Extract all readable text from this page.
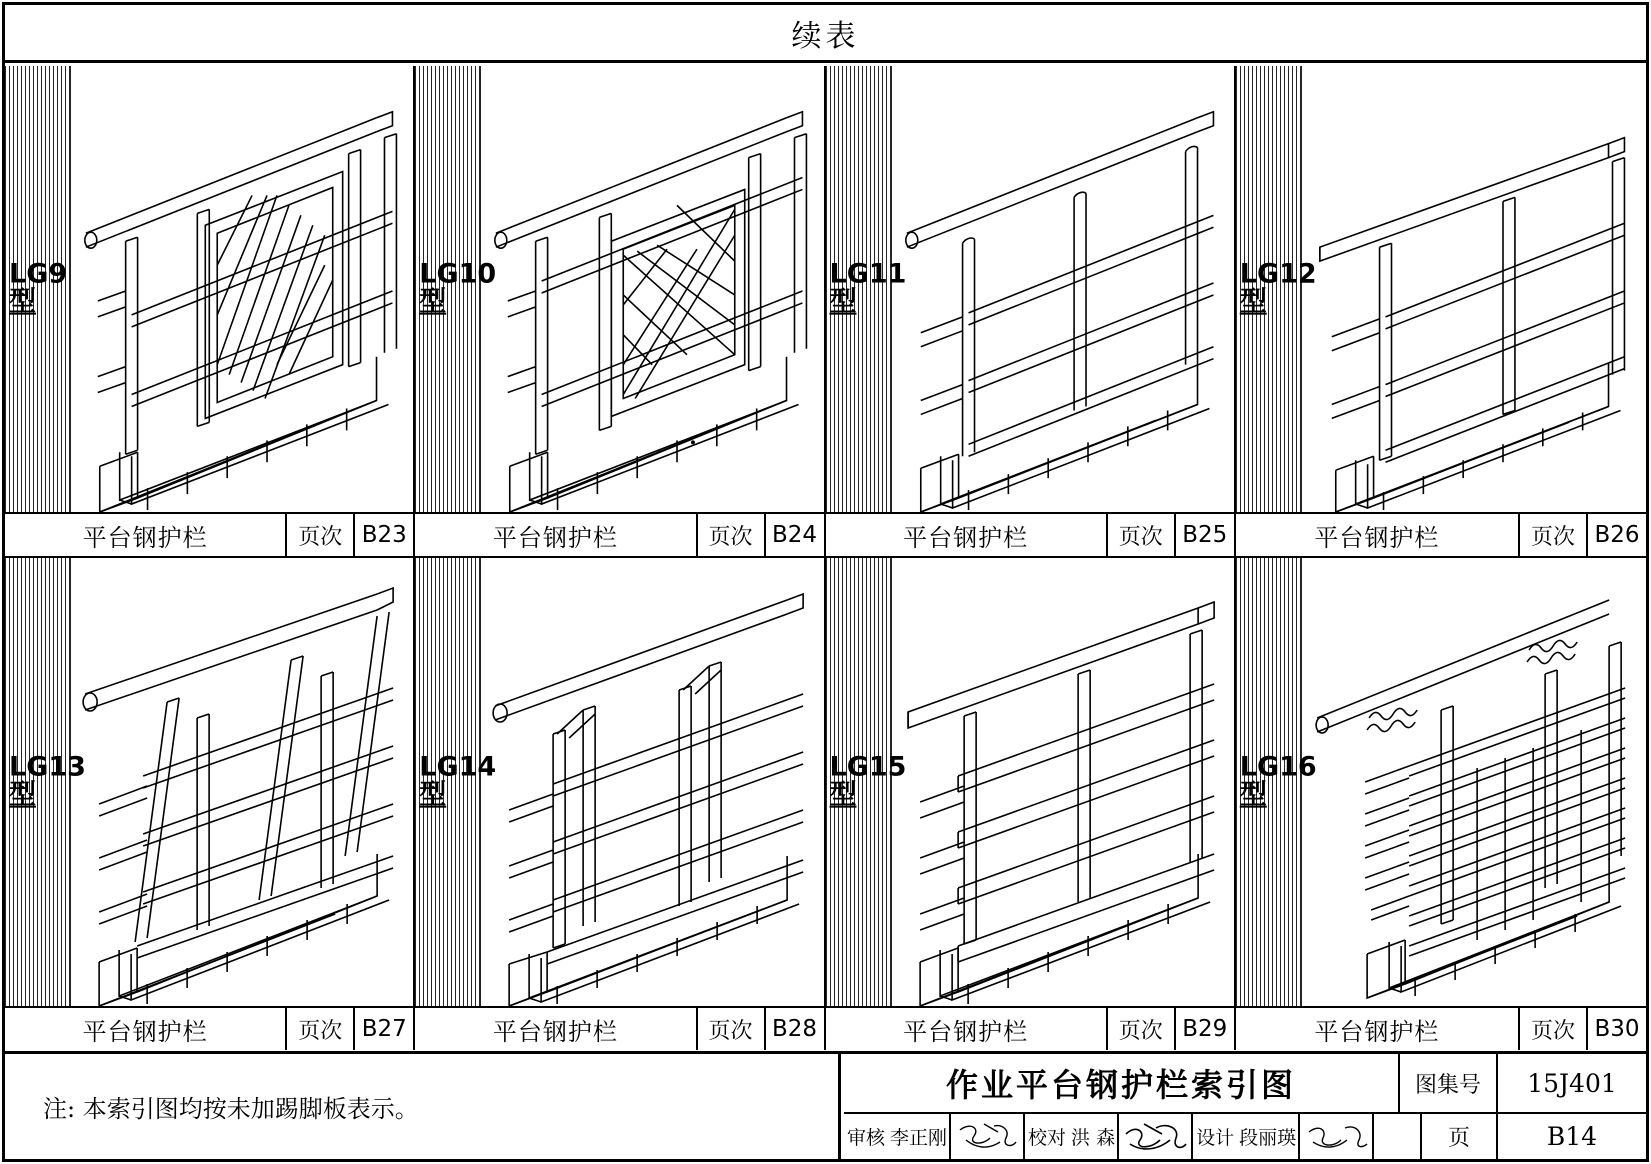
续表
LG9
型
平台钢护栏	页次 B23
LG10
型
平台钢护栏	页次 B24
LG11
型
平台钢护栏	页次 B25
LG12
型
平台钢护栏	页次 B26
LG13
型
平台钢护栏	页次 B27
LG14
型
平台钢护栏	页次 B28
LG15
型
平台钢护栏	页次 B29
LG16
型
平台钢护栏	页次 B30
注: 本索引图均按未加踢脚板表示。
作业平台钢护栏索引图	图集号	15J401
审核 李正刚	校对 洪 森	设计 段丽瑛	页	B14
